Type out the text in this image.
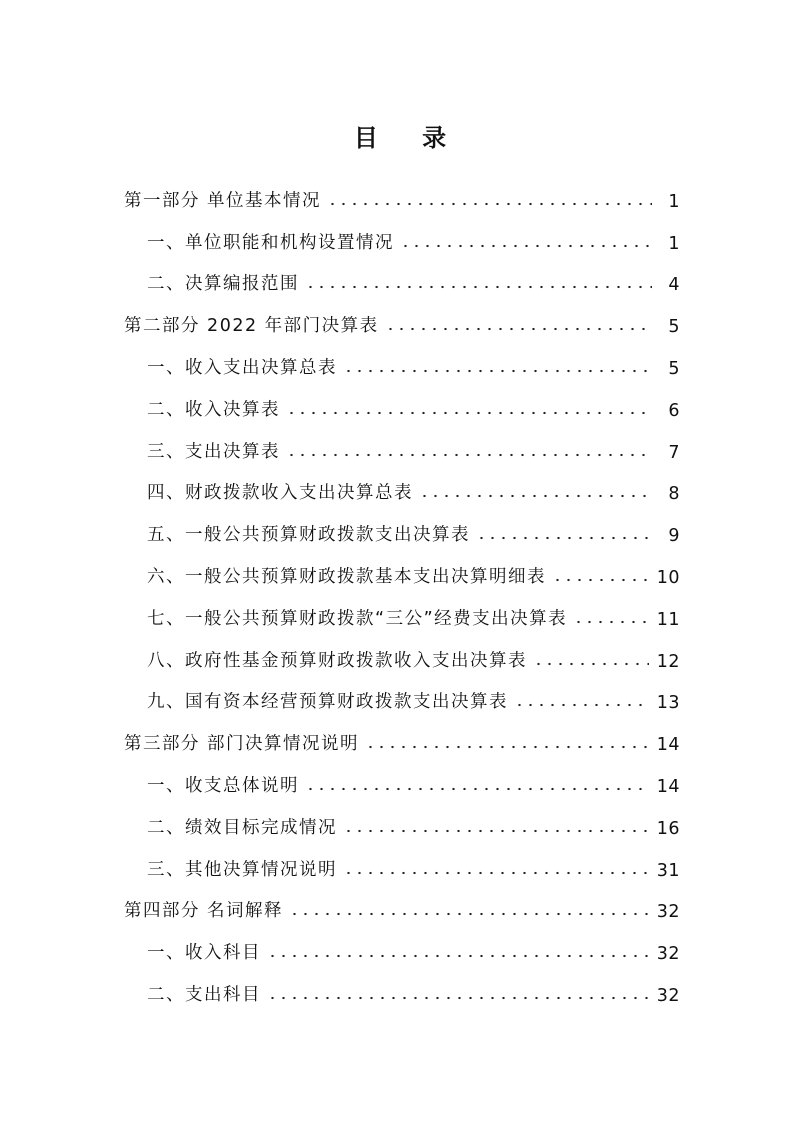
目 录
第一部分 单位基本情况	1
一、单位职能和机构设置情况	1
二、决算编报范围	4
第二部分 2022 年部门决算表	5
一、收入支出决算总表	5
二、收入决算表	6
三、支出决算表	7
四、财政拨款收入支出决算总表	8
五、一般公共预算财政拨款支出决算表	9
六、一般公共预算财政拨款基本支出决算明细表	10
七、一般公共预算财政拨款“三公”经费支出决算表	11
八、政府性基金预算财政拨款收入支出决算表	12
九、国有资本经营预算财政拨款支出决算表	13
第三部分 部门决算情况说明	14
一、收支总体说明	14
二、绩效目标完成情况	16
三、其他决算情况说明	31
第四部分 名词解释	32
一、收入科目	32
二、支出科目	32
